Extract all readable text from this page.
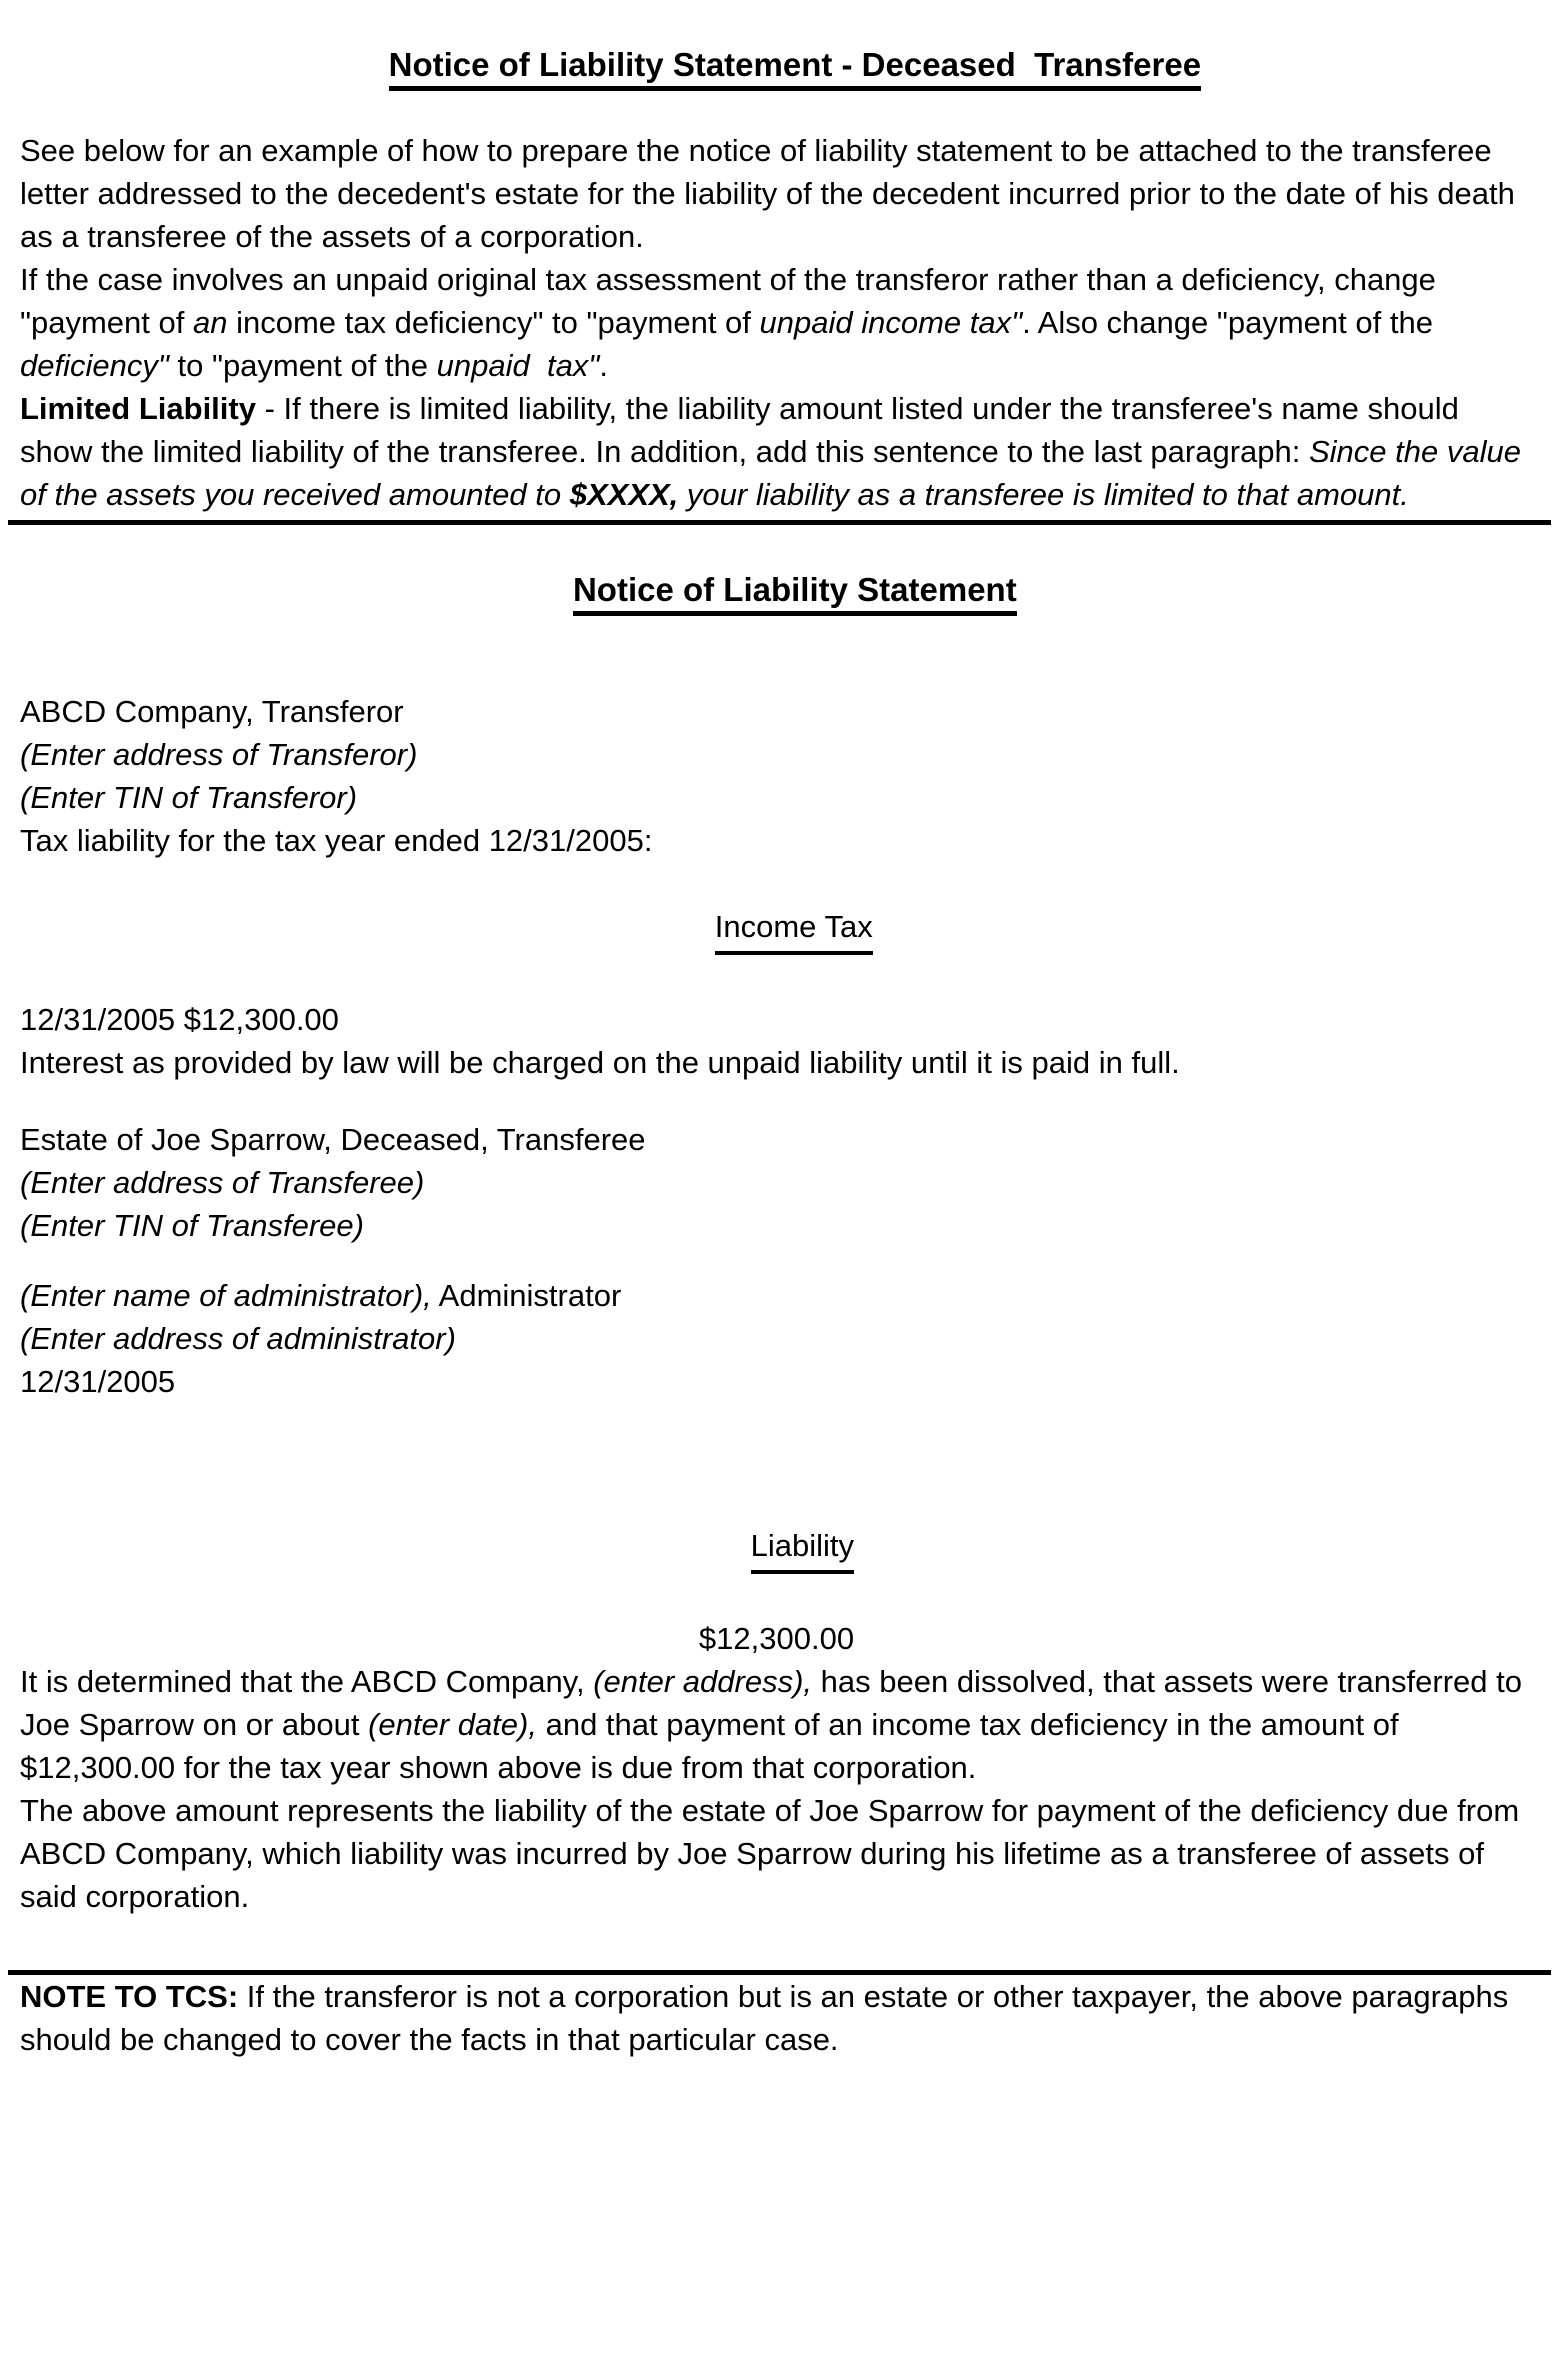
Notice of Liability Statement - Deceased  Transferee

See below for an example of how to prepare the notice of liability statement to be attached to the transferee letter addressed to the decedent's estate for the liability of the decedent incurred prior to the date of his death as a transferee of the assets of a corporation.

If the case involves an unpaid original tax assessment of the transferor rather than a deficiency, change "payment of an income tax deficiency" to "payment of unpaid income tax". Also change "payment of the deficiency" to "payment of the unpaid  tax".

Limited Liability - If there is limited liability, the liability amount listed under the transferee's name should show the limited liability of the transferee. In addition, add this sentence to the last paragraph: Since the value of the assets you received amounted to $XXXX, your liability as a transferee is limited to that amount.

Notice of Liability Statement

ABCD Company, Transferor
(Enter address of Transferor)
(Enter TIN of Transferor)

Tax liability for the tax year ended 12/31/2005:

Income Tax

12/31/2005 $12,300.00

Interest as provided by law will be charged on the unpaid liability until it is paid in full.

Estate of Joe Sparrow, Deceased, Transferee
(Enter address of Transferee)
(Enter TIN of Transferee)
(Enter name of administrator), Administrator
(Enter address of administrator)

12/31/2005

Liability

$12,300.00

It is determined that the ABCD Company, (enter address), has been dissolved, that assets were transferred to Joe Sparrow on or about (enter date), and that payment of an income tax deficiency in the amount of $12,300.00 for the tax year shown above is due from that corporation.

The above amount represents the liability of the estate of Joe Sparrow for payment of the deficiency due from ABCD Company, which liability was incurred by Joe Sparrow during his lifetime as a transferee of assets of said corporation.

NOTE TO TCS: If the transferor is not a corporation but is an estate or other taxpayer, the above paragraphs should be changed to cover the facts in that particular case.
